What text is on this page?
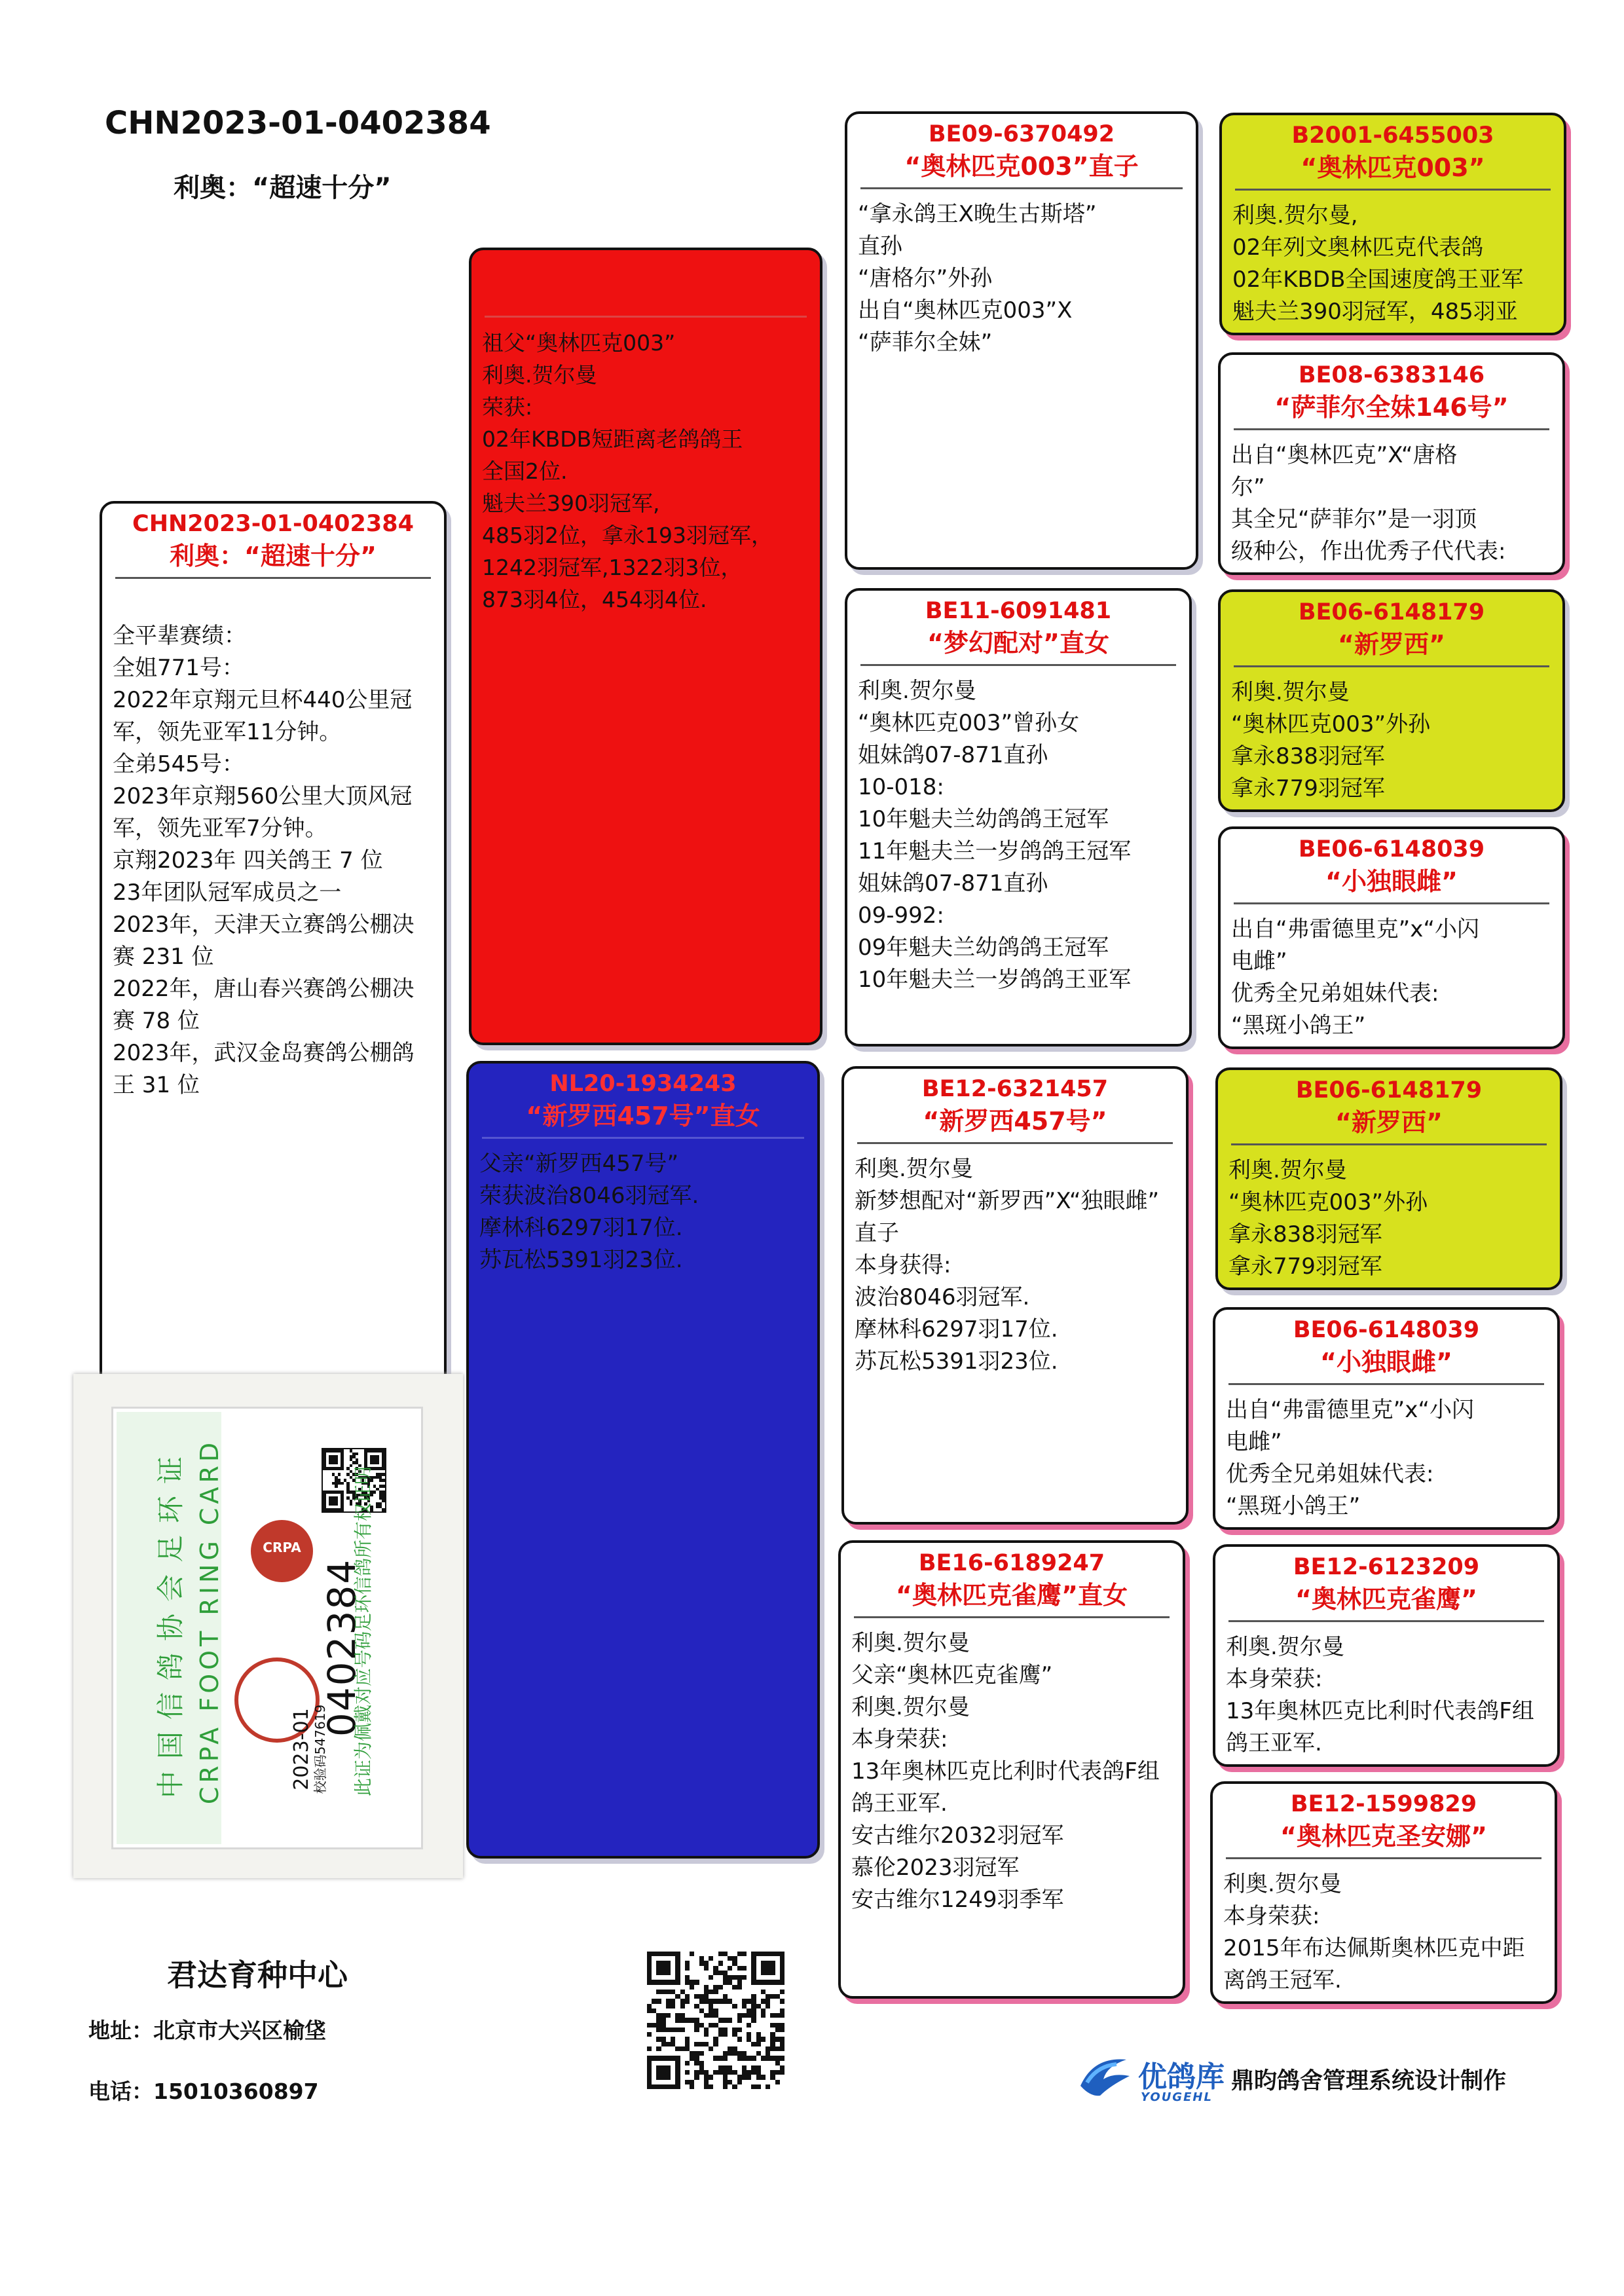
CHN2023-01-0402384
利奥：“超速十分”
CHN2023-01-0402384
利奥：“超速十分”

全平辈赛绩：
全姐771号：
2022年京翔元旦杯440公里冠
军，领先亚军11分钟。
全弟545号：
2023年京翔560公里大顶风冠
军，领先亚军7分钟。
京翔2023年 四关鸽王 7 位
23年团队冠军成员之一
2023年，天津天立赛鸽公棚决
赛 231 位
2022年，唐山春兴赛鸽公棚决
赛 78 位
2023年，武汉金岛赛鸽公棚鸽
王 31 位
祖父“奥林匹克003”
利奥.贺尔曼
荣获:
02年KBDB短距离老鸽鸽王
全国2位.
魁夫兰390羽冠军,
485羽2位，拿永193羽冠军，
1242羽冠军,1322羽3位，
873羽4位，454羽4位.
NL20-1934243
“新罗西457号”直女
父亲“新罗西457号”
荣获波治8046羽冠军.
摩林科6297羽17位.
苏瓦松5391羽23位.
BE09-6370492
“奥林匹克003”直子
“拿永鸽王X晚生古斯塔”
直孙
“唐格尔”外孙
出自“奥林匹克003”X
“萨菲尔全妹”
BE11-6091481
“梦幻配对”直女
利奥.贺尔曼
“奥林匹克003”曾孙女
姐妹鸽07-871直孙
10-018:
10年魁夫兰幼鸽鸽王冠军
11年魁夫兰一岁鸽鸽王冠军
姐妹鸽07-871直孙
09-992:
09年魁夫兰幼鸽鸽王冠军
10年魁夫兰一岁鸽鸽王亚军
BE12-6321457
“新罗西457号”
利奥.贺尔曼
新梦想配对“新罗西”X“独眼雌”
直子
本身获得:
波治8046羽冠军.
摩林科6297羽17位.
苏瓦松5391羽23位.
BE16-6189247
“奥林匹克雀鹰”直女
利奥.贺尔曼
父亲“奥林匹克雀鹰”
利奥.贺尔曼
本身荣获:
13年奥林匹克比利时代表鸽F组
鸽王亚军.
安古维尔2032羽冠军
慕伦2023羽冠军
安古维尔1249羽季军
B2001-6455003
“奥林匹克003”
利奥.贺尔曼,
02年列文奥林匹克代表鸽
02年KBDB全国速度鸽王亚军
魁夫兰390羽冠军，485羽亚
BE08-6383146
“萨菲尔全妹146号”
出自“奥林匹克”X“唐格
尔”
其全兄“萨菲尔”是一羽顶
级种公，作出优秀子代代表:
BE06-6148179
“新罗西”
利奥.贺尔曼
“奥林匹克003”外孙
拿永838羽冠军
拿永779羽冠军
BE06-6148039
“小独眼雌”
出自“弗雷德里克”x“小闪
电雌”
优秀全兄弟姐妹代表:
“黑斑小鸽王”
BE06-6148179
“新罗西”
利奥.贺尔曼
“奥林匹克003”外孙
拿永838羽冠军
拿永779羽冠军
BE06-6148039
“小独眼雌”
出自“弗雷德里克”x“小闪
电雌”
优秀全兄弟姐妹代表:
“黑斑小鸽王”
BE12-6123209
“奥林匹克雀鹰”
利奥.贺尔曼
本身荣获:
13年奥林匹克比利时代表鸽F组
鸽王亚军.
BE12-1599829
“奥林匹克圣安娜”
利奥.贺尔曼
本身荣获:
2015年布达佩斯奥林匹克中距
离鸽王冠军.
中国信鸽协会足环证 CRPA FOOT RING CARD	CRPA
0402384
2023-01 校验码547619	此证为佩戴对应号码足环信鸽所有权证明
君达育种中心
地址：北京市大兴区榆垡
电话：15010360897	优鸽库
YOUGEHL
鼎昀鸽舍管理系统设计制作
